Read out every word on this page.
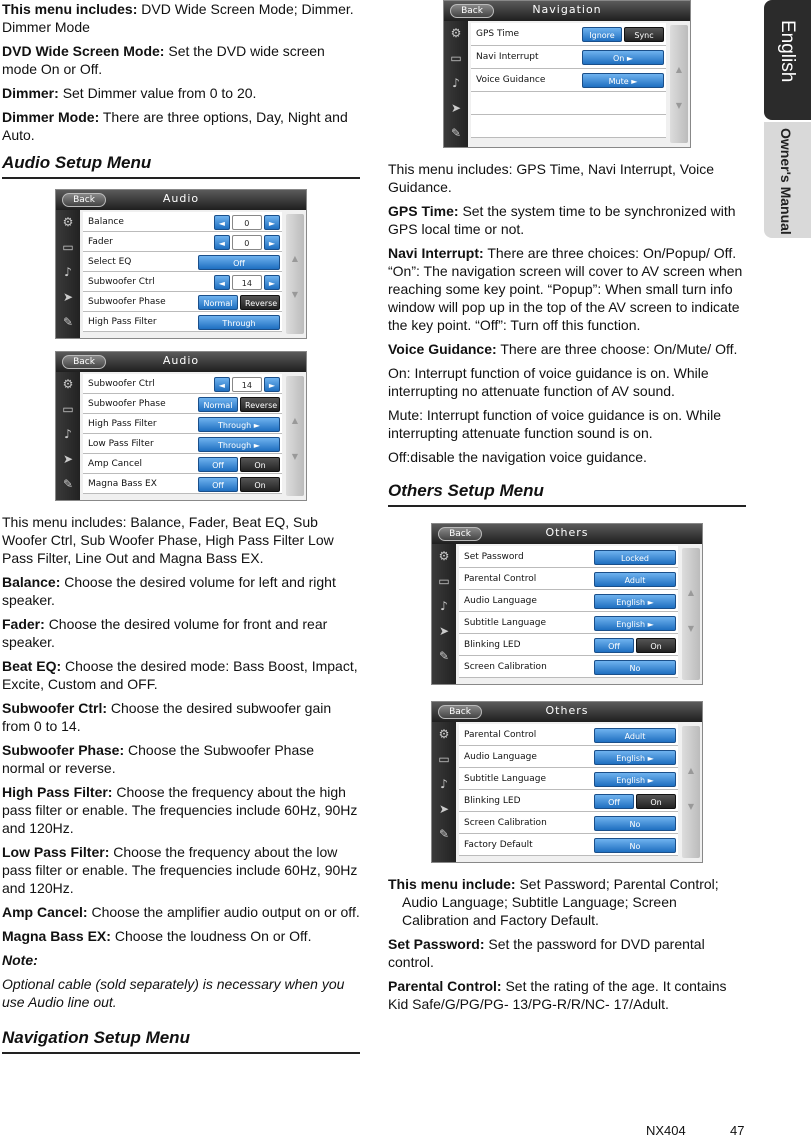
English
Owner's Manual

This menu includes: DVD Wide Screen Mode; Dimmer. Dimmer Mode

DVD Wide Screen Mode: Set the DVD wide screen mode On or Off.

Dimmer: Set Dimmer value from 0 to 20.

Dimmer Mode: There are three options, Day, Night and Auto.

Audio Setup Menu
Back	Audio
⚙
▭
♪
➤
✎
Balance	◄	0	►
Fader	◄	0	►
Select EQ	Off
Subwoofer Ctrl	◄	14	►
Subwoofer Phase	Normal	Reverse
High Pass Filter	Through
▲

▼
Back	Audio
⚙
▭
♪
➤
✎
Subwoofer Ctrl	◄	14	►
Subwoofer Phase	Normal	Reverse
High Pass Filter	Through ►
Low Pass Filter	Through ►
Amp Cancel	Off	On
Magna Bass EX	Off	On
▲

▼

This menu includes: Balance, Fader, Beat EQ, Sub Woofer Ctrl, Sub Woofer Phase, High Pass Filter Low Pass Filter, Line Out and Magna Bass EX.

Balance: Choose the desired volume for left and right speaker.

Fader: Choose the desired volume for front and rear speaker.

Beat EQ: Choose the desired mode: Bass Boost, Impact, Excite, Custom and OFF.

Subwoofer Ctrl: Choose the desired subwoofer gain from 0 to 14.

Subwoofer Phase: Choose the Subwoofer Phase normal or reverse.

High Pass Filter: Choose the frequency about the high pass filter or enable. The frequencies include 60Hz, 90Hz and 120Hz.

Low Pass Filter: Choose the frequency about the low pass filter or enable. The frequencies include 60Hz, 90Hz and 120Hz.

Amp Cancel: Choose the amplifier audio output on or off.

Magna Bass EX: Choose the loudness On or Off.

Note:

Optional cable (sold separately) is necessary when you use Audio line out.

Navigation Setup Menu
Back	Navigation
⚙
▭
♪
➤
✎
GPS Time	Ignore	Sync
Navi Interrupt	On ►
Voice Guidance	Mute ►
▲

▼

This menu includes: GPS Time, Navi Interrupt, Voice Guidance.

GPS Time: Set the system time to be synchronized with GPS local time or not.

Navi Interrupt: There are three choices: On/Popup/ Off. “On”: The navigation screen will cover to AV screen when reaching some key point. “Popup”: When small turn info window will pop up in the top of the AV screen to indicate the key point. “Off”: Turn off this function.

Voice Guidance: There are three choose: On/Mute/ Off.

On: Interrupt function of voice guidance is on. While interrupting no attenuate function of AV sound.

Mute: Interrupt function of voice guidance is on. While interrupting attenuate function sound is on.

Off:disable the navigation voice guidance.

Others Setup Menu
Back	Others
⚙
▭
♪
➤
✎
Set Password	Locked
Parental Control	Adult
Audio Language	English ►
Subtitle Language	English ►
Blinking LED	Off	On
Screen Calibration	No
▲

▼
Back	Others
⚙
▭
♪
➤
✎
Parental Control	Adult
Audio Language	English ►
Subtitle Language	English ►
Blinking LED	Off	On
Screen Calibration	No
Factory Default	No
▲

▼

This menu include: Set Password; Parental Control; Audio Language; Subtitle Language; Screen Calibration and Factory Default.

Set Password: Set the password for DVD parental control.

Parental Control: Set the rating of the age. It contains Kid Safe/G/PG/PG- 13/PG-R/R/NC- 17/Adult.

NX404	47
